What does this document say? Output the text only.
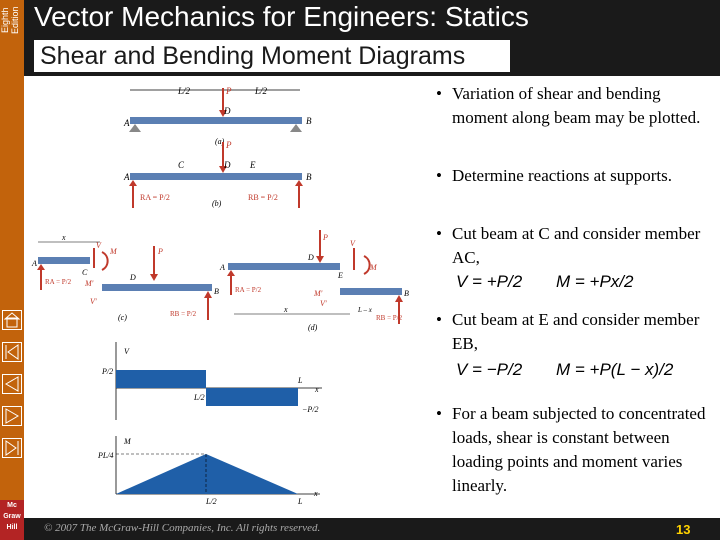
Eighth Edition
Mc Graw Hill
Vector Mechanics for Engineers: Statics
Shear and Bending Moment Diagrams
L/2	L/2
P
D
A	B
(a) P
C	D E
A	B
RA = P/2	RB = P/2
(b)
x
A
C
RA = P/2
V
M
M'
V'
D
P
B
RB = P/2
(c)
P
D
A
E
RA = P/2
V
M
M'
V'
B
RB = P/2
x	L – x
(d)
V
P/2
L
x
L/2
−P/2
M
PL/4
L/2	L
x
• Variation of shear and bending moment along beam may be plotted.
• Determine reactions at supports.
• Cut beam at C and consider member AC,
• Cut beam at E and consider member EB,
• For a beam subjected to concentrated loads, shear is constant between loading points and moment varies linearly.
V = +P/2 M = +Px/2
V = −P/2 M = +P(L − x)/2
© 2007 The McGraw-Hill Companies, Inc. All rights reserved.	13
